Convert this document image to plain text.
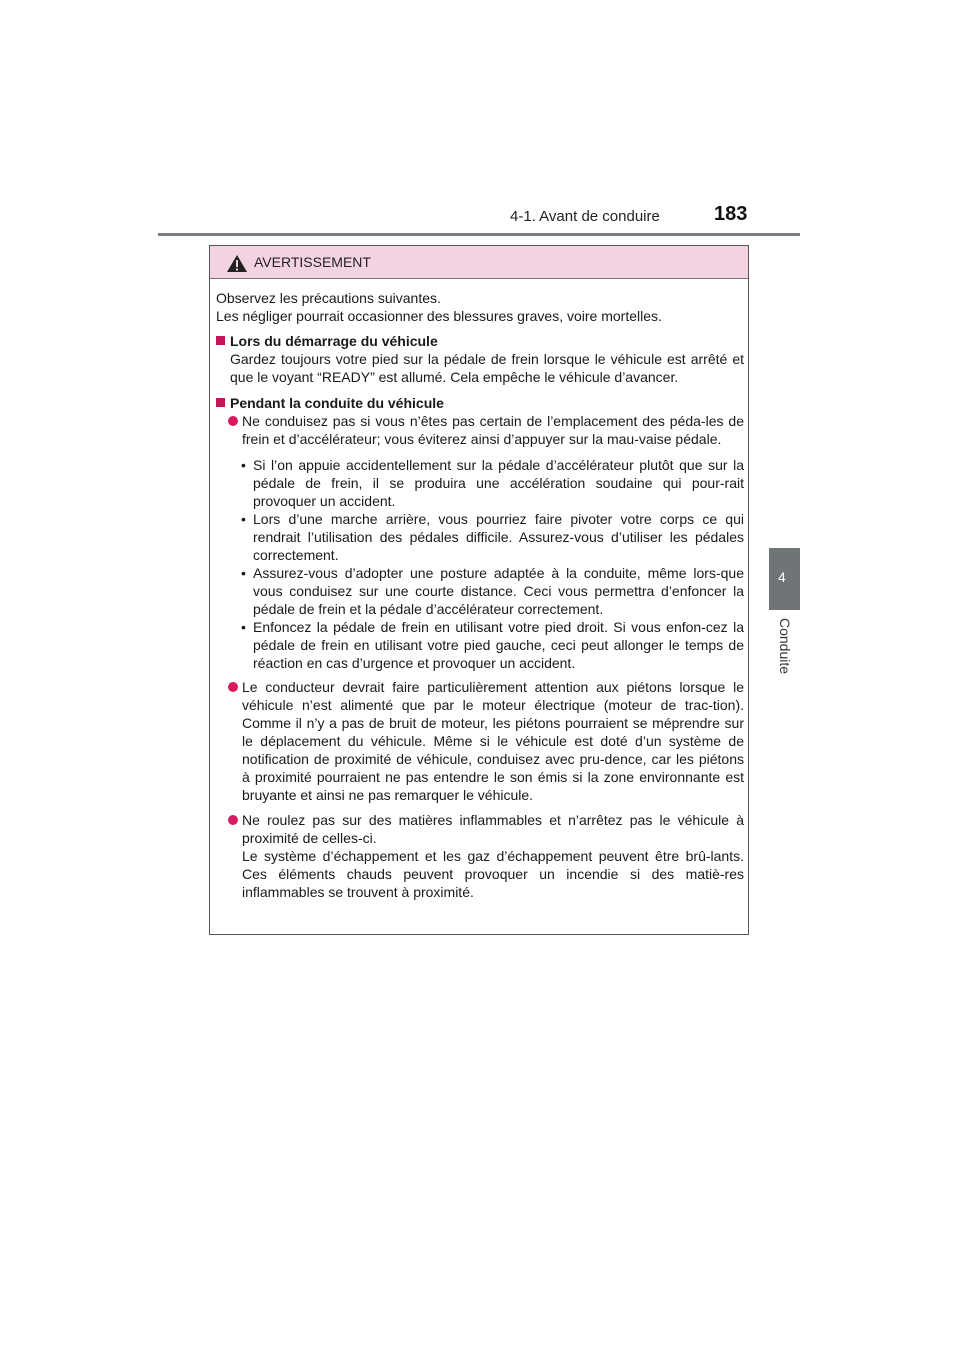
4-1. Avant de conduire	183
4
Conduite
AVERTISSEMENT

Observez les précautions suivantes.
Les négliger pourrait occasionner des blessures graves, voire mortelles.

Lors du démarrage du véhicule

Gardez toujours votre pied sur la pédale de frein lorsque le véhicule est arrêté et que le voyant “READY” est allumé. Cela empêche le véhicule d’avancer.

Pendant la conduite du véhicule

Ne conduisez pas si vous n’êtes pas certain de l’emplacement des péda-les de frein et d’accélérateur; vous éviterez ainsi d’appuyer sur la mau-vaise pédale.

• Si l’on appuie accidentellement sur la pédale d’accélérateur plutôt que sur la pédale de frein, il se produira une accélération soudaine qui pour-rait provoquer un accident.

• Lors d’une marche arrière, vous pourriez faire pivoter votre corps ce qui rendrait l’utilisation des pédales difficile. Assurez-vous d’utiliser les pédales correctement.

• Assurez-vous d’adopter une posture adaptée à la conduite, même lors-que vous conduisez sur une courte distance. Ceci vous permettra d’enfoncer la pédale de frein et la pédale d’accélérateur correctement.

• Enfoncez la pédale de frein en utilisant votre pied droit. Si vous enfon-cez la pédale de frein en utilisant votre pied gauche, ceci peut allonger le temps de réaction en cas d’urgence et provoquer un accident.

Le conducteur devrait faire particulièrement attention aux piétons lorsque le véhicule n’est alimenté que par le moteur électrique (moteur de trac-tion). Comme il n’y a pas de bruit de moteur, les piétons pourraient se méprendre sur le déplacement du véhicule. Même si le véhicule est doté d’un système de notification de proximité de véhicule, conduisez avec pru-dence, car les piétons à proximité pourraient ne pas entendre le son émis si la zone environnante est bruyante et ainsi ne pas remarquer le véhicule.

Ne roulez pas sur des matières inflammables et n’arrêtez pas le véhicule à proximité de celles-ci.
Le système d’échappement et les gaz d’échappement peuvent être brû-lants. Ces éléments chauds peuvent provoquer un incendie si des matiè-res inflammables se trouvent à proximité.
